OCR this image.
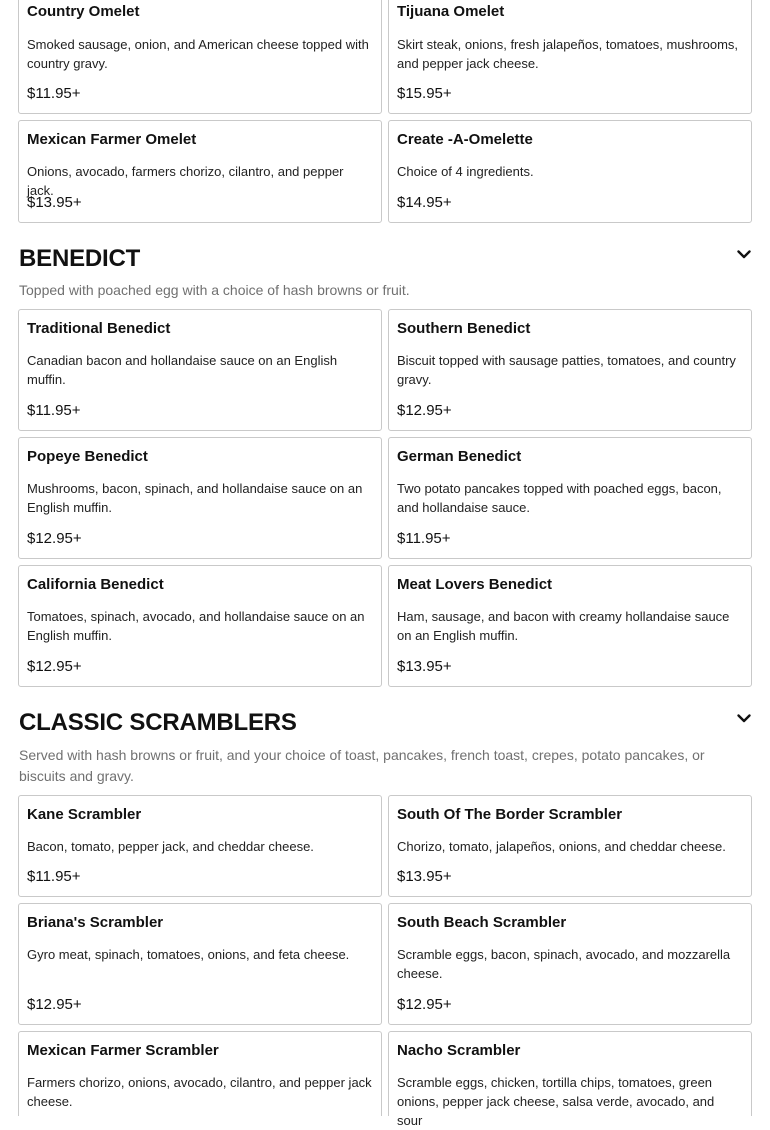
Country Omelet
Smoked sausage, onion, and American cheese topped with country gravy.
$11.95+
Tijuana Omelet
Skirt steak, onions, fresh jalapeños, tomatoes, mushrooms, and pepper jack cheese.
$15.95+
Mexican Farmer Omelet
Onions, avocado, farmers chorizo, cilantro, and pepper jack.
$13.95+
Create -A-Omelette
Choice of 4 ingredients.
$14.95+
BENEDICT
Topped with poached egg with a choice of hash browns or fruit.
Traditional Benedict
Canadian bacon and hollandaise sauce on an English muffin.
$11.95+
Southern Benedict
Biscuit topped with sausage patties, tomatoes, and country gravy.
$12.95+
Popeye Benedict
Mushrooms, bacon, spinach, and hollandaise sauce on an English muffin.
$12.95+
German Benedict
Two potato pancakes topped with poached eggs, bacon, and hollandaise sauce.
$11.95+
California Benedict
Tomatoes, spinach, avocado, and hollandaise sauce on an English muffin.
$12.95+
Meat Lovers Benedict
Ham, sausage, and bacon with creamy hollandaise sauce on an English muffin.
$13.95+
CLASSIC SCRAMBLERS
Served with hash browns or fruit, and your choice of toast, pancakes, french toast, crepes, potato pancakes, or biscuits and gravy.
Kane Scrambler
Bacon, tomato, pepper jack, and cheddar cheese.
$11.95+
South Of The Border Scrambler
Chorizo, tomato, jalapeños, onions, and cheddar cheese.
$13.95+
Briana's Scrambler
Gyro meat, spinach, tomatoes, onions, and feta cheese.
$12.95+
South Beach Scrambler
Scramble eggs, bacon, spinach, avocado, and mozzarella cheese.
$12.95+
Mexican Farmer Scrambler
Farmers chorizo, onions, avocado, cilantro, and pepper jack cheese.
Nacho Scrambler
Scramble eggs, chicken, tortilla chips, tomatoes, green onions, pepper jack cheese, salsa verde, avocado, and sour
